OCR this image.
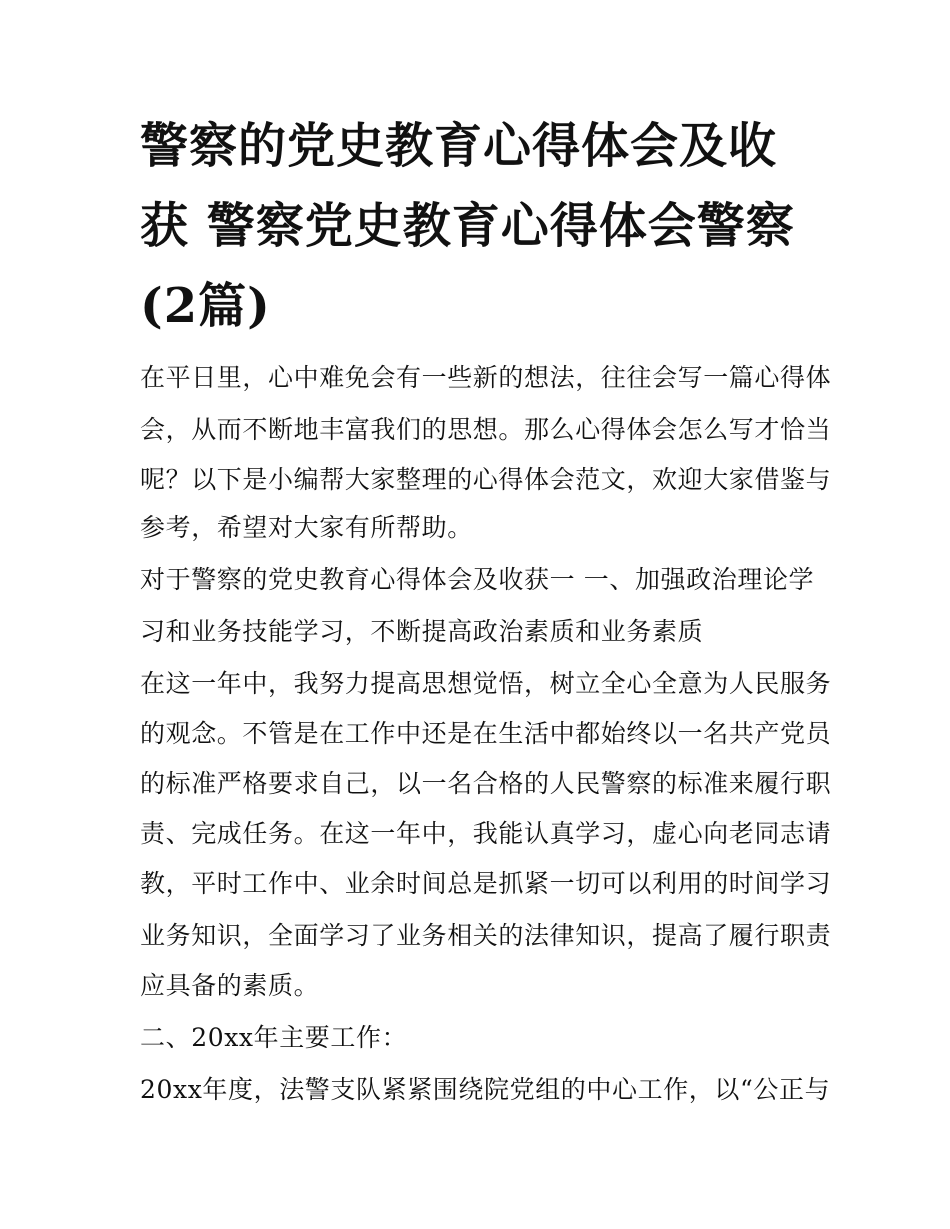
警察的党史教育心得体会及收
获 警察党史教育心得体会警察
(2篇)
在平日里，心中难免会有一些新的想法，往往会写一篇心得体
会，从而不断地丰富我们的思想。那么心得体会怎么写才恰当
呢？以下是小编帮大家整理的心得体会范文，欢迎大家借鉴与
参考，希望对大家有所帮助。
对于警察的党史教育心得体会及收获一 一、加强政治理论学
习和业务技能学习，不断提高政治素质和业务素质
在这一年中，我努力提高思想觉悟，树立全心全意为人民服务
的观念。不管是在工作中还是在生活中都始终以一名共产党员
的标准严格要求自己，以一名合格的人民警察的标准来履行职
责、完成任务。在这一年中，我能认真学习，虚心向老同志请
教，平时工作中、业余时间总是抓紧一切可以利用的时间学习
业务知识，全面学习了业务相关的法律知识，提高了履行职责
应具备的素质。
二、20xx年主要工作：
20xx年度，法警支队紧紧围绕院党组的中心工作，以“公正与
